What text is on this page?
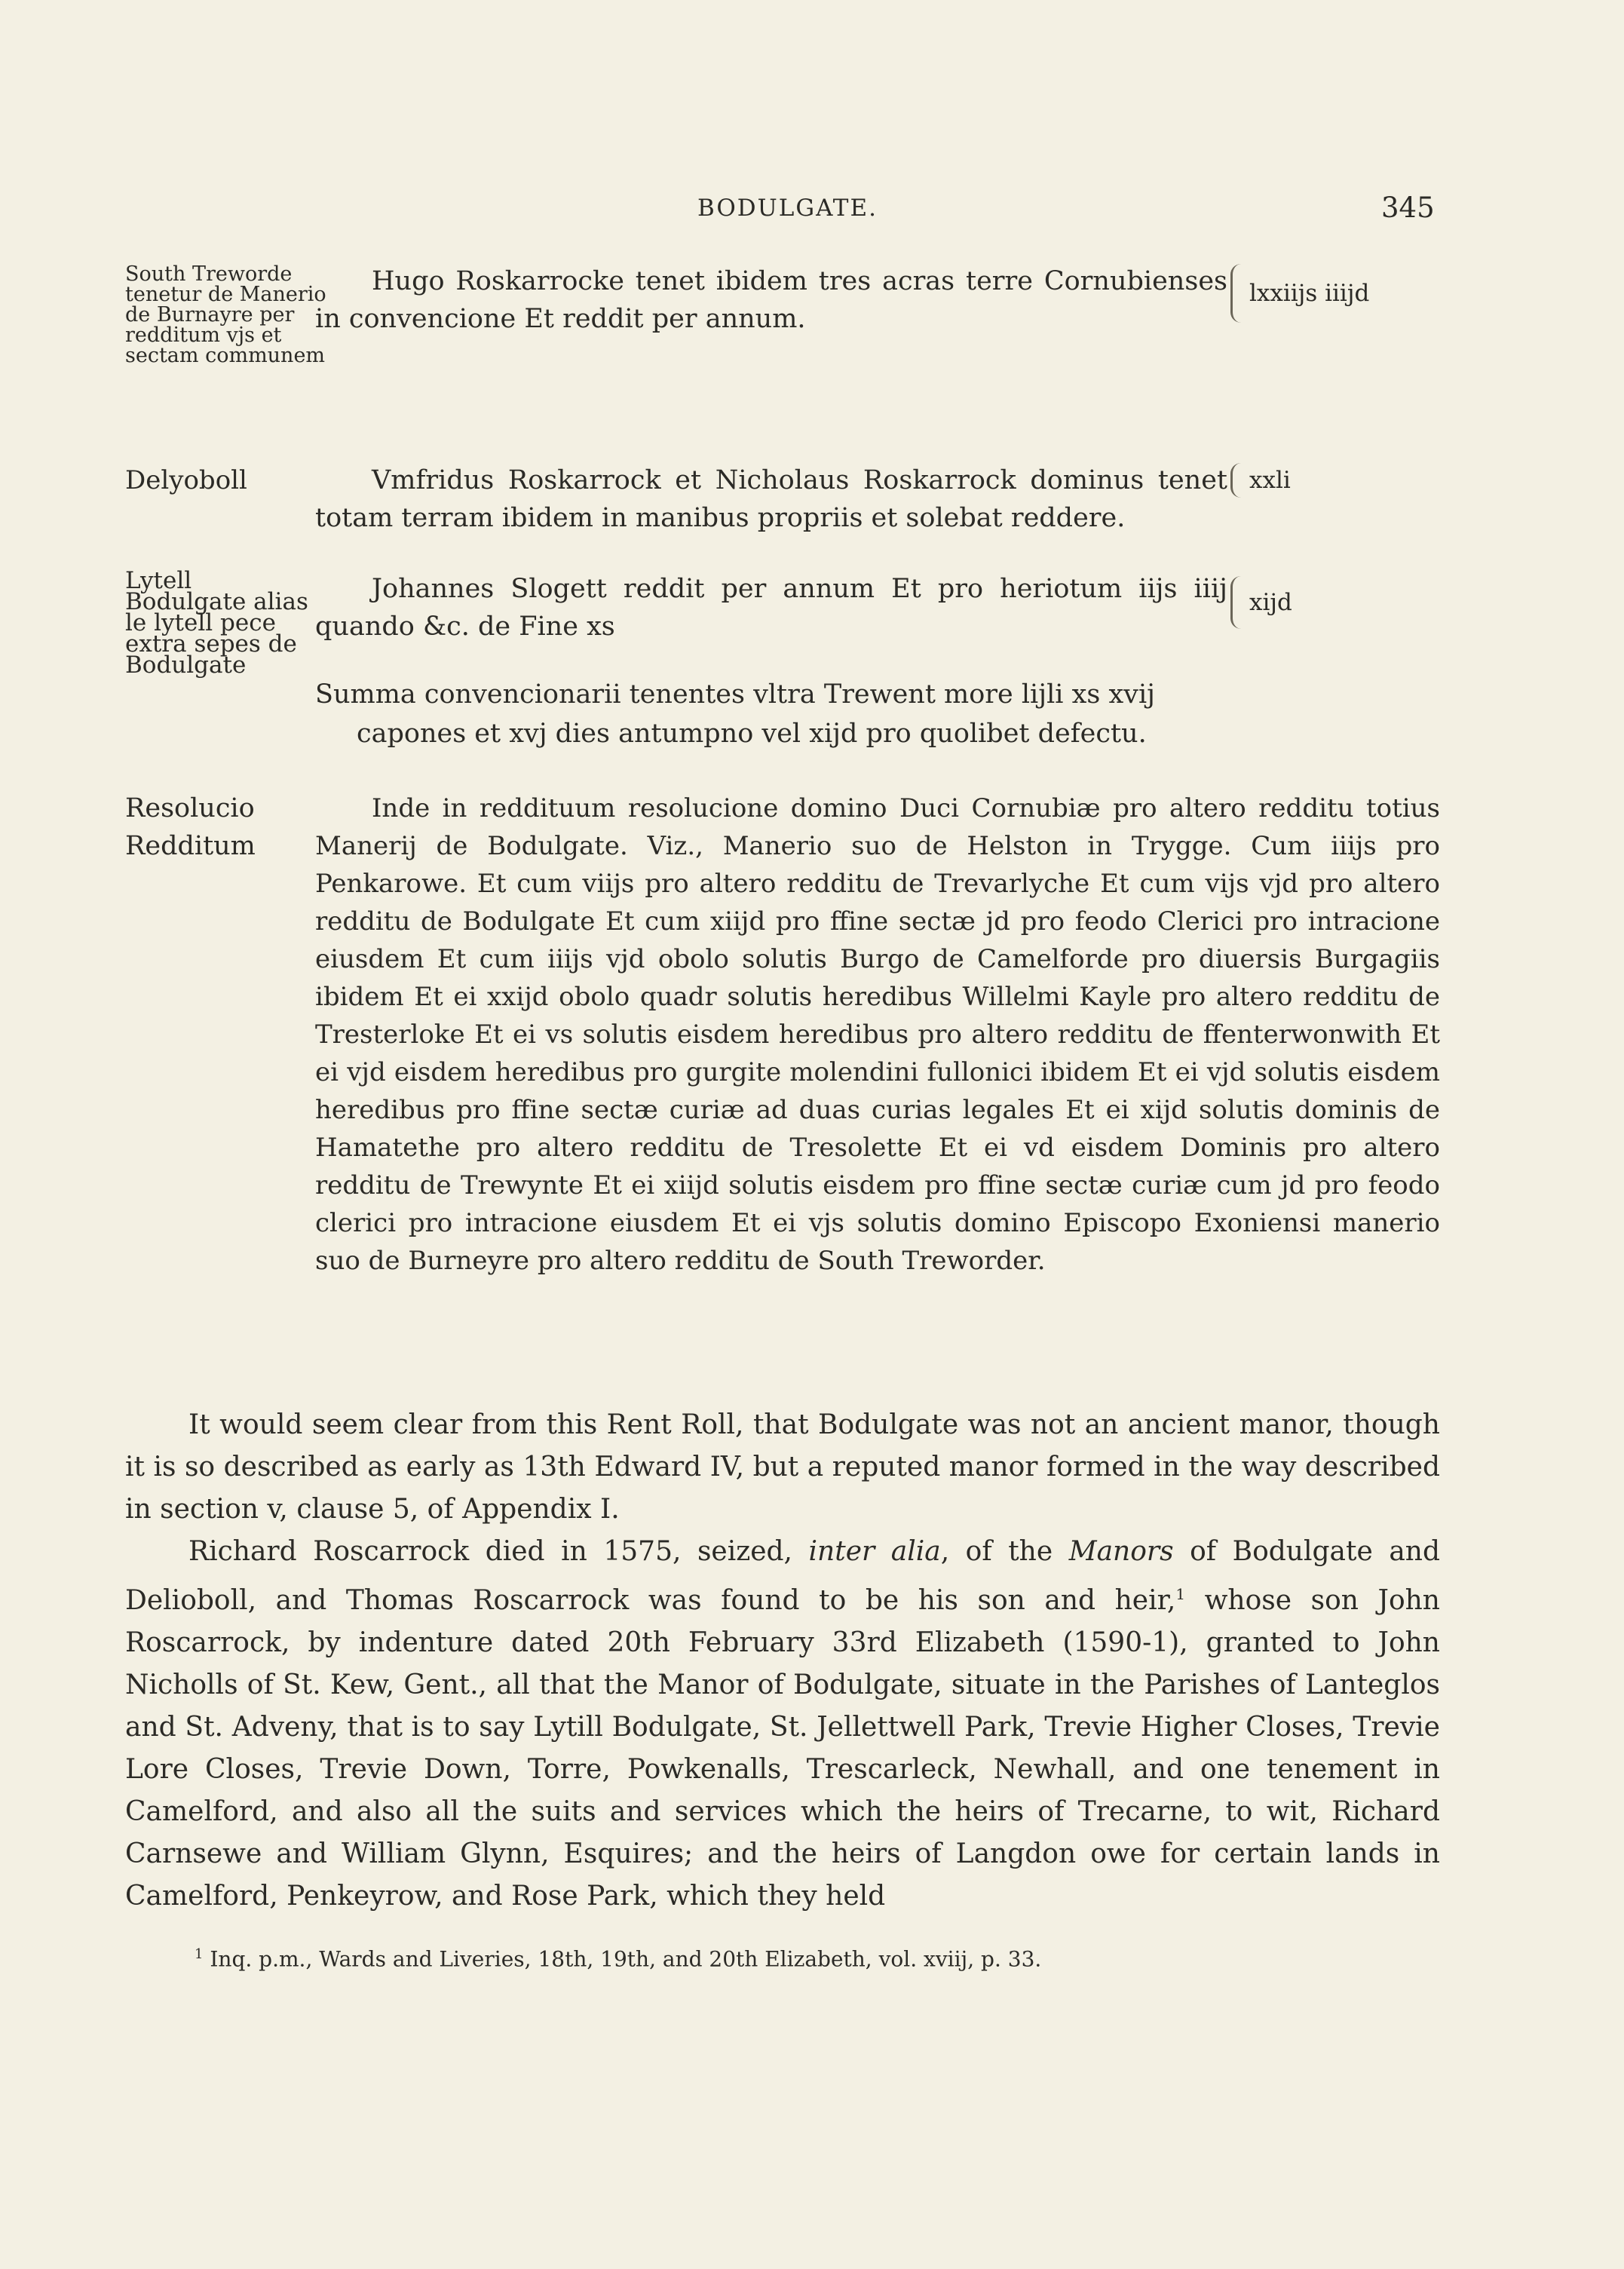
BODULGATE.	345
South Treworde tenetur de Manerio de Burnayre per redditum vjs et sectam communem
Hugo Roskarrocke tenet ibidem tres acras terre Cornubienses in convencione Et reddit per annum.
lxxiijs iiijd
Delyoboll	Vmfridus Roskarrock et Nicholaus Roskarrock dominus tenet totam terram ibidem in manibus propriis et solebat reddere.
xxli
Lytell Bodulgate alias le lytell pece extra sepes de Bodulgate
Johannes Slogett reddit per annum Et pro heriotum iijs iiij quando &c. de Fine xs
xijd
Summa convencionarii tenentes vltra Trewent more lijli xs xvij
capones et xvj dies antumpno vel xijd pro quolibet defectu.
Resolucio
Redditum
Inde in reddituum resolucione domino Duci Cornubiæ pro altero redditu totius Manerij de Bodulgate. Viz., Manerio suo de Helston in Trygge. Cum iiijs pro Penkarowe. Et cum viijs pro altero redditu de Trevarlyche Et cum vijs vjd pro altero redditu de Bodulgate Et cum xiijd pro ffine sectæ jd pro feodo Clerici pro intracione eiusdem Et cum iiijs vjd obolo solutis Burgo de Camelforde pro diuersis Burgagiis ibidem Et ei xxijd obolo quadr solutis heredibus Willelmi Kayle pro altero redditu de Tresterloke Et ei vs solutis eisdem heredibus pro altero redditu de ffenterwonwith Et ei vjd eisdem heredibus pro gurgite molendini fullonici ibidem Et ei vjd solutis eisdem heredibus pro ffine sectæ curiæ ad duas curias legales Et ei xijd solutis dominis de Hamatethe pro altero redditu de Tresolette Et ei vd eisdem Dominis pro altero redditu de Trewynte Et ei xiijd solutis eisdem pro ffine sectæ curiæ cum jd pro feodo clerici pro intracione eiusdem Et ei vjs solutis domino Episcopo Exoniensi manerio suo de Burneyre pro altero redditu de South Treworder.

It would seem clear from this Rent Roll, that Bodulgate was not an ancient manor, though it is so described as early as 13th Edward IV, but a reputed manor formed in the way described in section v, clause 5, of Appendix I.

Richard Roscarrock died in 1575, seized, inter alia, of the Manors of Bodulgate and Delioboll, and Thomas Roscarrock was found to be his son and heir,$^1$ whose son John Roscarrock, by indenture dated 20th February 33rd Elizabeth (1590-1), granted to John Nicholls of St. Kew, Gent., all that the Manor of Bodulgate, situate in the Parishes of Lanteglos and St. Adveny, that is to say Lytill Bodulgate, St. Jellettwell Park, Trevie Higher Closes, Trevie Lore Closes, Trevie Down, Torre, Powkenalls, Trescarleck, Newhall, and one tenement in Camelford, and also all the suits and services which the heirs of Trecarne, to wit, Richard Carnsewe and William Glynn, Esquires; and the heirs of Langdon owe for certain lands in Camelford, Penkeyrow, and Rose Park, which they held

$^1$ Inq. p.m., Wards and Liveries, 18th, 19th, and 20th Elizabeth, vol. xviij, p. 33.
